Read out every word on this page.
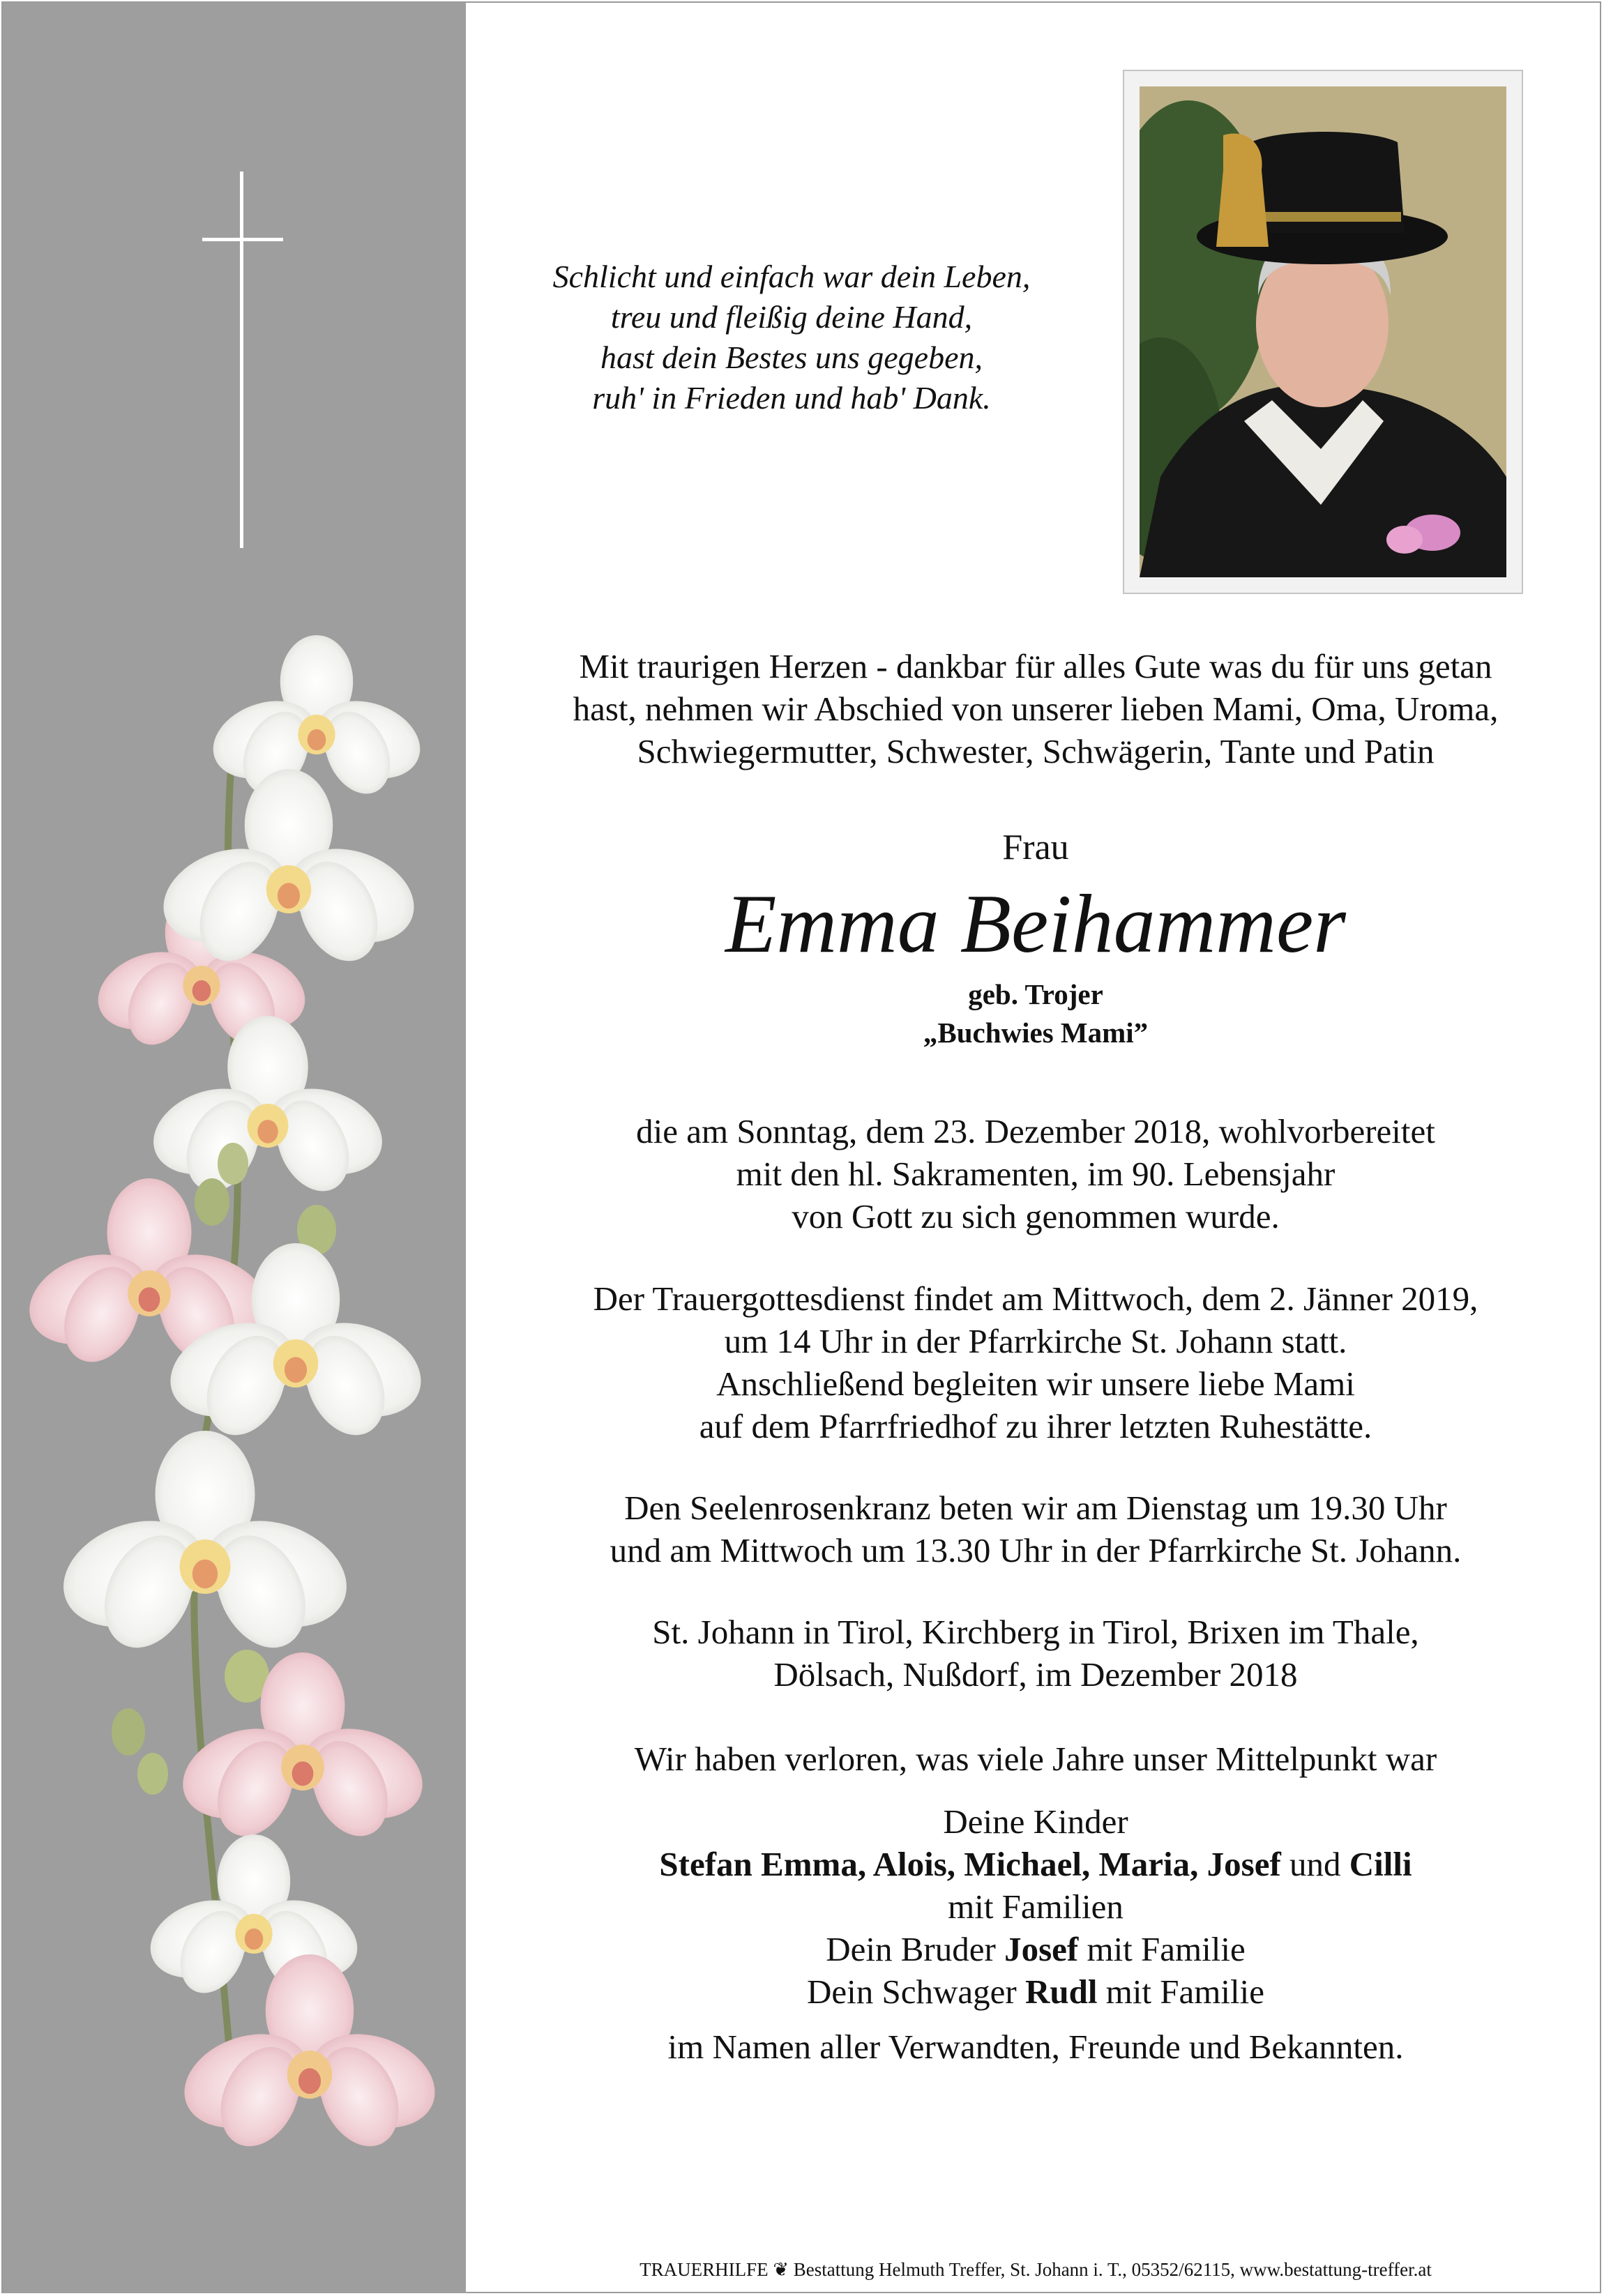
Schlicht und einfach war dein Leben,
treu und fleißig deine Hand,
hast dein Bestes uns gegeben,
ruh' in Frieden und hab' Dank.
Mit traurigen Herzen - dankbar für alles Gute was du für uns getan
hast, nehmen wir Abschied von unserer lieben Mami, Oma, Uroma,
Schwiegermutter, Schwester, Schwägerin, Tante und Patin
Frau
Emma Beihammer
geb. Trojer
„Buchwies Mami”
die am Sonntag, dem 23. Dezember 2018, wohlvorbereitet
mit den hl. Sakramenten, im 90. Lebensjahr
von Gott zu sich genommen wurde.
Der Trauergottesdienst findet am Mittwoch, dem 2. Jänner 2019,
um 14 Uhr in der Pfarrkirche St. Johann statt.
Anschließend begleiten wir unsere liebe Mami
auf dem Pfarrfriedhof zu ihrer letzten Ruhestätte.
Den Seelenrosenkranz beten wir am Dienstag um 19.30 Uhr
und am Mittwoch um 13.30 Uhr in der Pfarrkirche St. Johann.
St. Johann in Tirol, Kirchberg in Tirol, Brixen im Thale,
Dölsach, Nußdorf, im Dezember 2018
Wir haben verloren, was viele Jahre unser Mittelpunkt war
Deine Kinder
Stefan Emma, Alois, Michael, Maria, Josef und Cilli
mit Familien
Dein Bruder Josef mit Familie
Dein Schwager Rudl mit Familie
im Namen aller Verwandten, Freunde und Bekannten.
TRAUERHILFE ❦ Bestattung Helmuth Treffer, St. Johann i. T., 05352/62115, www.bestattung-treffer.at
